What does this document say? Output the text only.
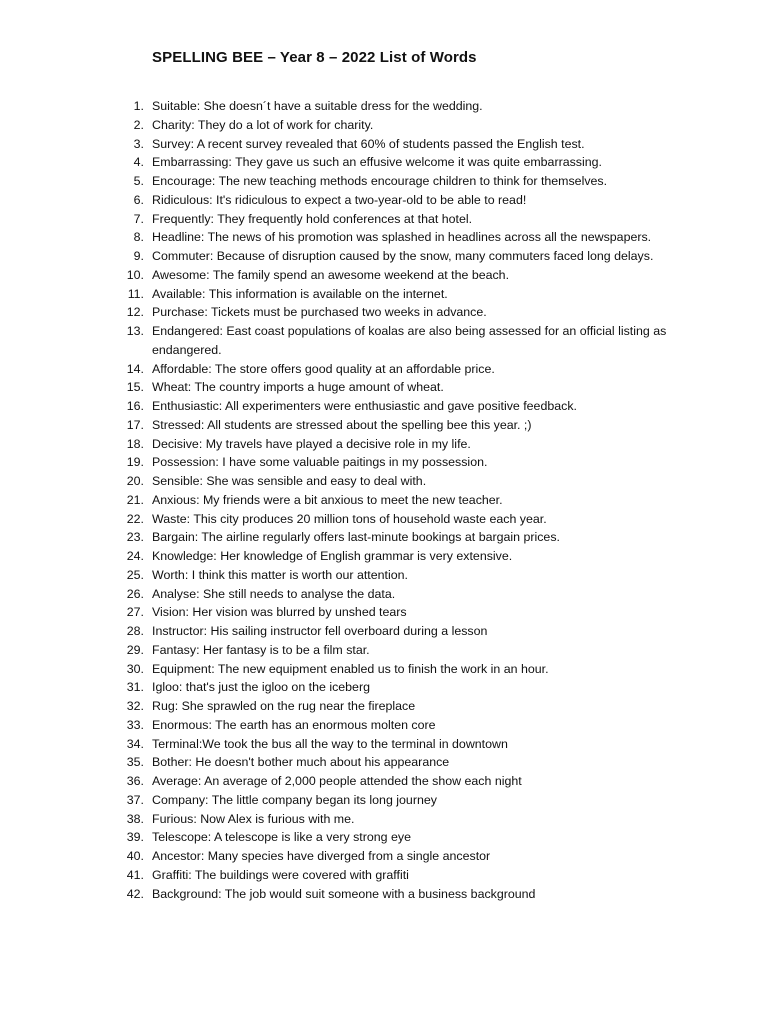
SPELLING BEE – Year 8 – 2022 List of Words
1. Suitable: She doesn´t have a suitable dress for the wedding.
2. Charity: They do a lot of work for charity.
3. Survey: A recent survey revealed that 60% of students passed the English test.
4. Embarrassing: They gave us such an effusive welcome it was quite embarrassing.
5. Encourage: The new teaching methods encourage children to think for themselves.
6. Ridiculous: It's ridiculous to expect a two-year-old to be able to read!
7. Frequently: They frequently hold conferences at that hotel.
8. Headline: The news of his promotion was splashed in headlines across all the newspapers.
9. Commuter: Because of disruption caused by the snow, many commuters faced long delays.
10. Awesome: The family spend an awesome weekend at the beach.
11. Available: This information is available on the internet.
12. Purchase: Tickets must be purchased two weeks in advance.
13. Endangered: East coast populations of koalas are also being assessed for an official listing as endangered.
14. Affordable: The store offers good quality at an affordable price.
15. Wheat: The country imports a huge amount of wheat.
16. Enthusiastic: All experimenters were enthusiastic and gave positive feedback.
17. Stressed: All students are stressed about the spelling bee this year. ;)
18. Decisive: My travels have played a decisive role in my life.
19. Possession: I have some valuable paitings in my possession.
20. Sensible: She was sensible and easy to deal with.
21. Anxious: My friends were a bit anxious to meet the new teacher.
22. Waste: This city produces 20 million tons of household waste each year.
23. Bargain: The airline regularly offers last-minute bookings at bargain prices.
24. Knowledge: Her knowledge of English grammar is very extensive.
25. Worth: I think this matter is worth our attention.
26. Analyse: She still needs to analyse the data.
27. Vision: Her vision was blurred by unshed tears
28. Instructor: His sailing instructor fell overboard during a lesson
29. Fantasy: Her fantasy is to be a film star.
30. Equipment: The new equipment enabled us to finish the work in an hour.
31. Igloo: that's just the igloo on the iceberg
32. Rug: She sprawled on the rug near the fireplace
33. Enormous: The earth has an enormous molten core
34. Terminal:We took the bus all the way to the terminal in downtown
35. Bother: He doesn't bother much about his appearance
36. Average: An average of 2,000 people attended the show each night
37. Company: The little company began its long journey
38. Furious: Now Alex is furious with me.
39. Telescope: A telescope is like a very strong eye
40. Ancestor: Many species have diverged from a single ancestor
41. Graffiti: The buildings were covered with graffiti
42. Background: The job would suit someone with a business background
